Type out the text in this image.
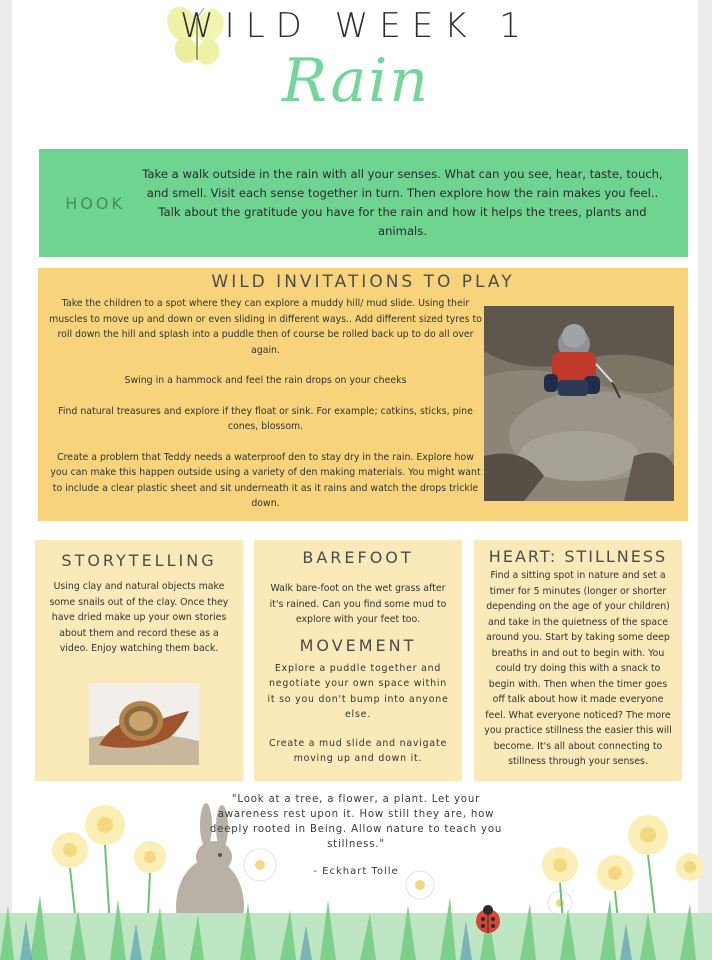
WILD WEEK 1
Rain
HOOK
Take a walk outside in the rain with all your senses. What can you see, hear, taste, touch, and smell. Visit each sense together in turn. Then explore how the rain makes you feel.. Talk about the gratitude you have for the rain and how it helps the trees, plants and animals.
WILD INVITATIONS TO PLAY

Take the children to a spot where they can explore a muddy hill/ mud slide. Using their muscles to move up and down or even sliding in different ways.. Add different sized tyres to roll down the hill and splash into a puddle then of course be rolled back up to do all over again.

Swing in a hammock and feel the rain drops on your cheeks

Find natural treasures and explore if they float or sink. For example; catkins, sticks, pine cones, blossom.

Create a problem that Teddy needs a waterproof den to stay dry in the rain. Explore how you can make this happen outside using a variety of den making materials. You might want to include a clear plastic sheet and sit underneath it as it rains and watch the drops trickle down.

STORYTELLING
Using clay and natural objects make some snails out of the clay. Once they have dried make up your own stories about them and record these as a video. Enjoy watching them back.
BAREFOOT
Walk bare-foot on the wet grass after it's rained. Can you find some mud to explore with your feet too.
MOVEMENT

Explore a puddle together and negotiate your own space within it so you don't bump into anyone else.

Create a mud slide and navigate moving up and down it.

HEART: STILLNESS
Find a sitting spot in nature and set a timer for 5 minutes (longer or shorter depending on the age of your children) and take in the quietness of the space around you. Start by taking some deep breaths in and out to begin with. You could try doing this with a snack to begin with. Then when the timer goes off talk about how it made everyone feel. What everyone noticed? The more you practice stillness the easier this will become. It's all about connecting to stillness through your senses.
"Look at a tree, a flower, a plant. Let your awareness rest upon it. How still they are, how deeply rooted in Being. Allow nature to teach you stillness."
- Eckhart Tolle
